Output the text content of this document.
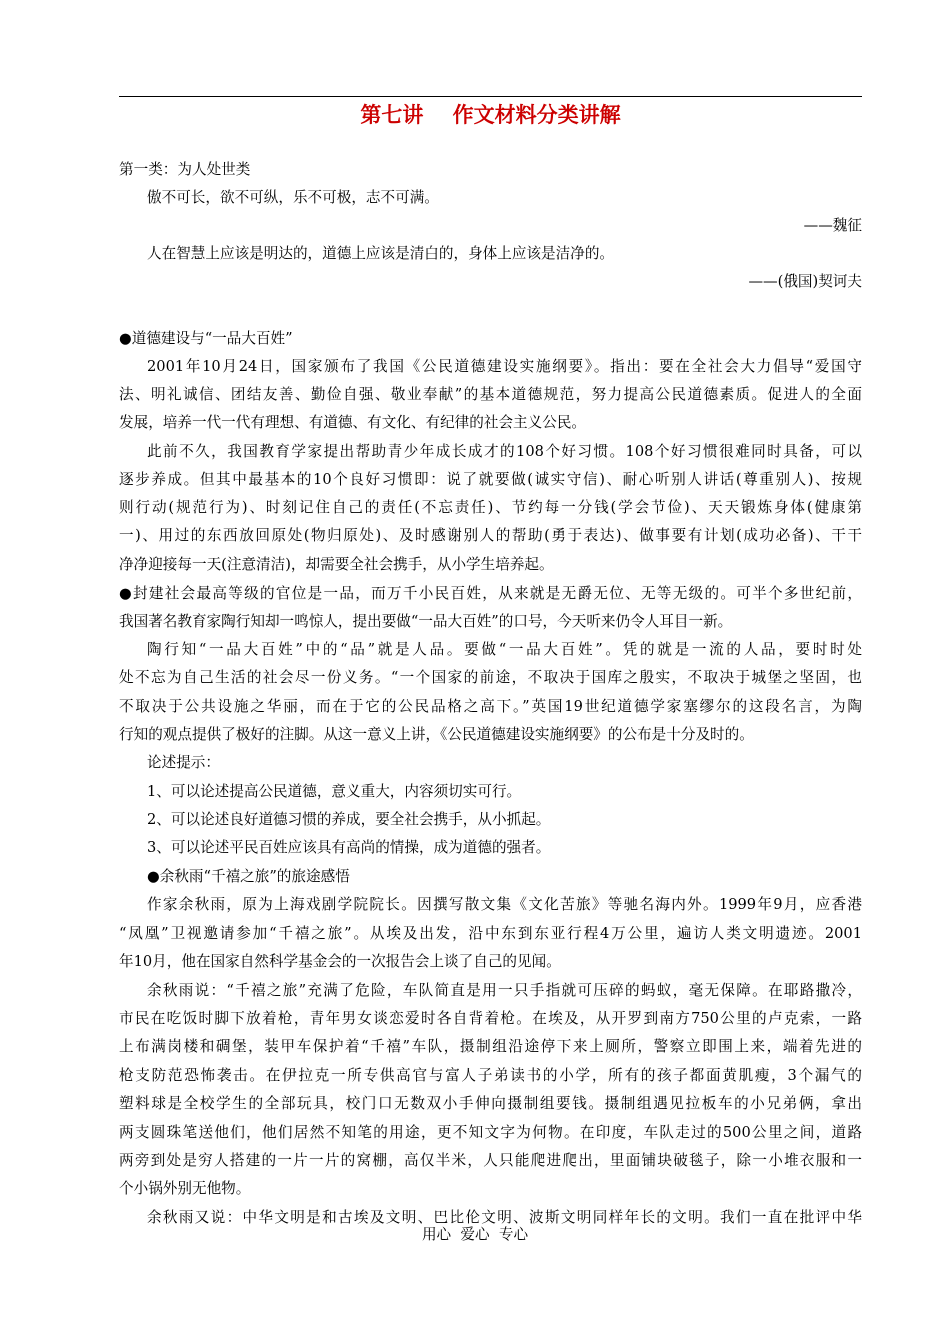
第七讲    作文材料分类讲解
第一类：为人处世类
傲不可长，欲不可纵，乐不可极，志不可满。
——魏征
人在智慧上应该是明达的，道德上应该是清白的，身体上应该是洁净的。
——(俄国)契诃夫
●道德建设与“一品大百姓”
2001年10月24日，国家颁布了我国《公民道德建设实施纲要》。指出：要在全社会大力倡导“爱国守
法、明礼诚信、团结友善、勤俭自强、敬业奉献”的基本道德规范，努力提高公民道德素质。促进人的全面
发展，培养一代一代有理想、有道德、有文化、有纪律的社会主义公民。
此前不久，我国教育学家提出帮助青少年成长成才的108个好习惯。108个好习惯很难同时具备，可以
逐步养成。但其中最基本的10个良好习惯即：说了就要做(诚实守信)、耐心听别人讲话(尊重别人)、按规
则行动(规范行为)、时刻记住自己的责任(不忘责任)、节约每一分钱(学会节俭)、天天锻炼身体(健康第
一)、用过的东西放回原处(物归原处)、及时感谢别人的帮助(勇于表达)、做事要有计划(成功必备)、干干
净净迎接每一天(注意清洁)，却需要全社会携手，从小学生培养起。
●封建社会最高等级的官位是一品，而万千小民百姓，从来就是无爵无位、无等无级的。可半个多世纪前，
我国著名教育家陶行知却一鸣惊人，提出要做“一品大百姓”的口号，今天听来仍令人耳目一新。
陶行知“一品大百姓”中的“品”就是人品。要做“一品大百姓”。凭的就是一流的人品，要时时处
处不忘为自己生活的社会尽一份义务。“一个国家的前途，不取决于国库之殷实，不取决于城堡之坚固，也
不取决于公共设施之华丽，而在于它的公民品格之高下。”英国19世纪道德学家塞缪尔的这段名言，为陶
行知的观点提供了极好的注脚。从这一意义上讲，《公民道德建设实施纲要》的公布是十分及时的。
论述提示：
1、可以论述提高公民道德，意义重大，内容须切实可行。
2、可以论述良好道德习惯的养成，要全社会携手，从小抓起。
3、可以论述平民百姓应该具有高尚的情操，成为道德的强者。
●余秋雨“千禧之旅”的旅途感悟
作家余秋雨，原为上海戏剧学院院长。因撰写散文集《文化苦旅》等驰名海内外。1999年9月，应香港
“凤凰”卫视邀请参加“千禧之旅”。从埃及出发，沿中东到东亚行程4万公里，遍访人类文明遗迹。2001
年10月，他在国家自然科学基金会的一次报告会上谈了自己的见闻。
余秋雨说：“千禧之旅”充满了危险，车队简直是用一只手指就可压碎的蚂蚁，毫无保障。在耶路撒冷，
市民在吃饭时脚下放着枪，青年男女谈恋爱时各自背着枪。在埃及，从开罗到南方750公里的卢克索，一路
上布满岗楼和碉堡，装甲车保护着“千禧”车队，摄制组沿途停下来上厕所，警察立即围上来，端着先进的
枪支防范恐怖袭击。在伊拉克一所专供高官与富人子弟读书的小学，所有的孩子都面黄肌瘦，3个漏气的
塑料球是全校学生的全部玩具，校门口无数双小手伸向摄制组要钱。摄制组遇见拉板车的小兄弟俩，拿出
两支圆珠笔送他们，他们居然不知笔的用途，更不知文字为何物。在印度，车队走过的500公里之间，道路
两旁到处是穷人搭建的一片一片的窝棚，高仅半米，人只能爬进爬出，里面铺块破毯子，除一小堆衣服和一
个小锅外别无他物。
余秋雨又说：中华文明是和古埃及文明、巴比伦文明、波斯文明同样年长的文明。我们一直在批评中华
用心  爱心  专心
